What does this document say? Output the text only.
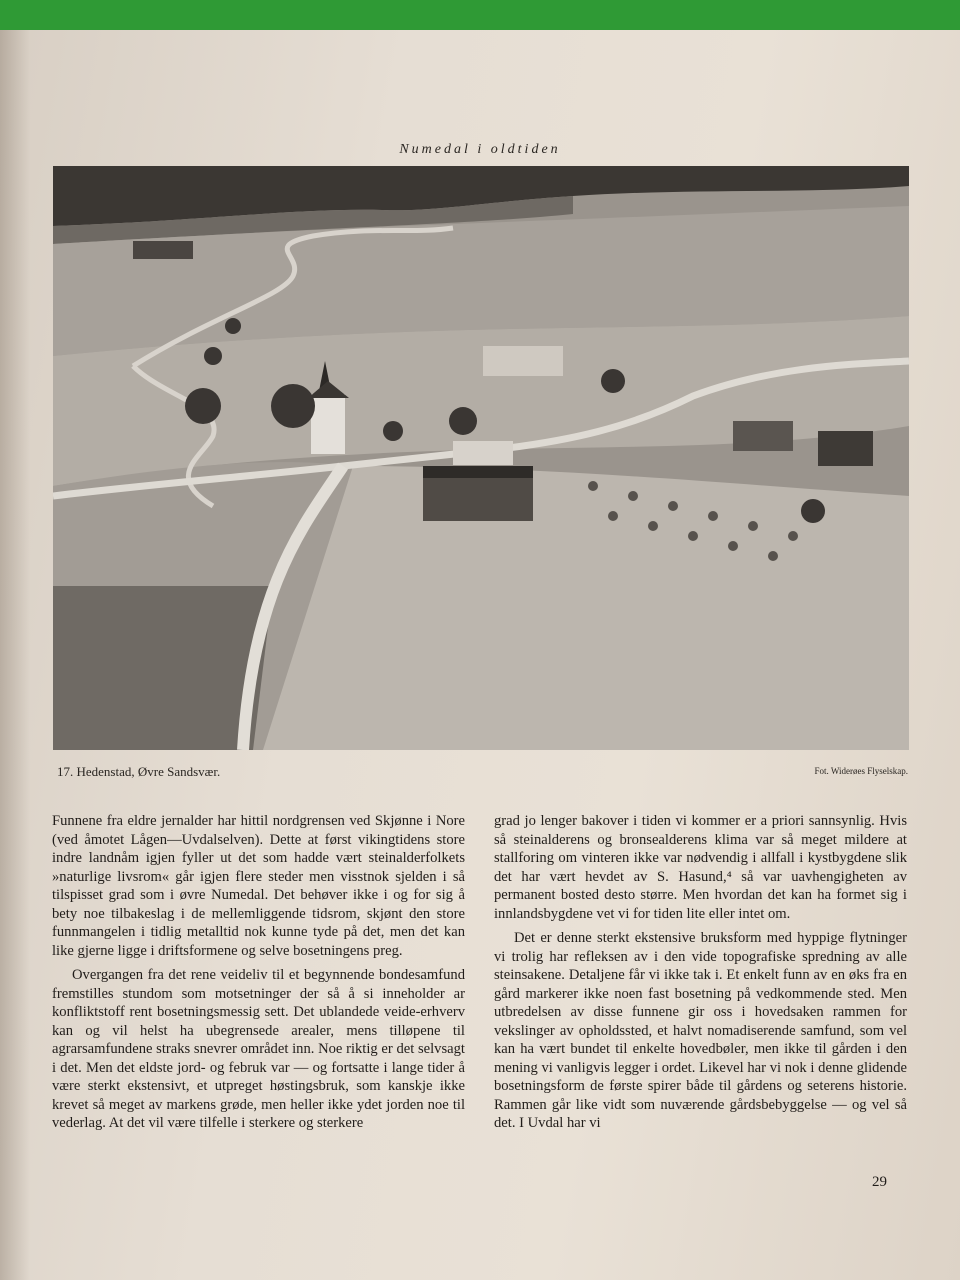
Numedal i oldtiden
17. Hedenstad, Øvre Sandsvær.	Fot. Widerøes Flyselskap.

Funnene fra eldre jernalder har hittil nordgrensen ved Skjønne i Nore (ved åmotet Lågen—Uvdalselven). Dette at først vikingtidens store indre landnåm igjen fyller ut det som hadde vært steinalderfolkets »naturlige livsrom« går igjen flere steder men visstnok sjelden i så tilspisset grad som i øvre Numedal. Det behøver ikke i og for sig å bety noe tilbakeslag i de mellemliggende tidsrom, skjønt den store funnmangelen i tidlig metalltid nok kunne tyde på det, men det kan like gjerne ligge i driftsformene og selve bosetningens preg.

Overgangen fra det rene veideliv til et begynnende bondesamfund fremstilles stundom som motsetninger der så å si inneholder ar konfliktstoff rent bosetningsmessig sett. Det ublandede veide-erhverv kan og vil helst ha ubegrensede arealer, mens tilløpene til agrarsamfundene straks snevrer området inn. Noe riktig er det selvsagt i det. Men det eldste jord- og februk var — og fortsatte i lange tider å være sterkt ekstensivt, et utpreget høstingsbruk, som kanskje ikke krevet så meget av markens grøde, men heller ikke ydet jorden noe til vederlag. At det vil være tilfelle i sterkere og sterkere

grad jo lenger bakover i tiden vi kommer er a priori sannsynlig. Hvis så steinalderens og bronsealderens klima var så meget mildere at stallforing om vinteren ikke var nødvendig i allfall i kystbygdene slik det har vært hevdet av S. Hasund,⁴ så var uavhengigheten av permanent bosted desto større. Men hvordan det kan ha formet sig i innlandsbygdene vet vi for tiden lite eller intet om.

Det er denne sterkt ekstensive bruksform med hyppige flytninger vi trolig har refleksen av i den vide topografiske spredning av alle steinsakene. Detaljene får vi ikke tak i. Et enkelt funn av en øks fra en gård markerer ikke noen fast bosetning på vedkommende sted. Men utbredelsen av disse funnene gir oss i hovedsaken rammen for vekslinger av opholdssted, et halvt nomadiserende samfund, som vel kan ha vært bundet til enkelte hovedbøler, men ikke til gården i den mening vi vanligvis legger i ordet. Likevel har vi nok i denne glidende bosetningsform de første spirer både til gårdens og seterens historie. Rammen går like vidt som nuværende gårdsbebyggelse — og vel så det. I Uvdal har vi

29
